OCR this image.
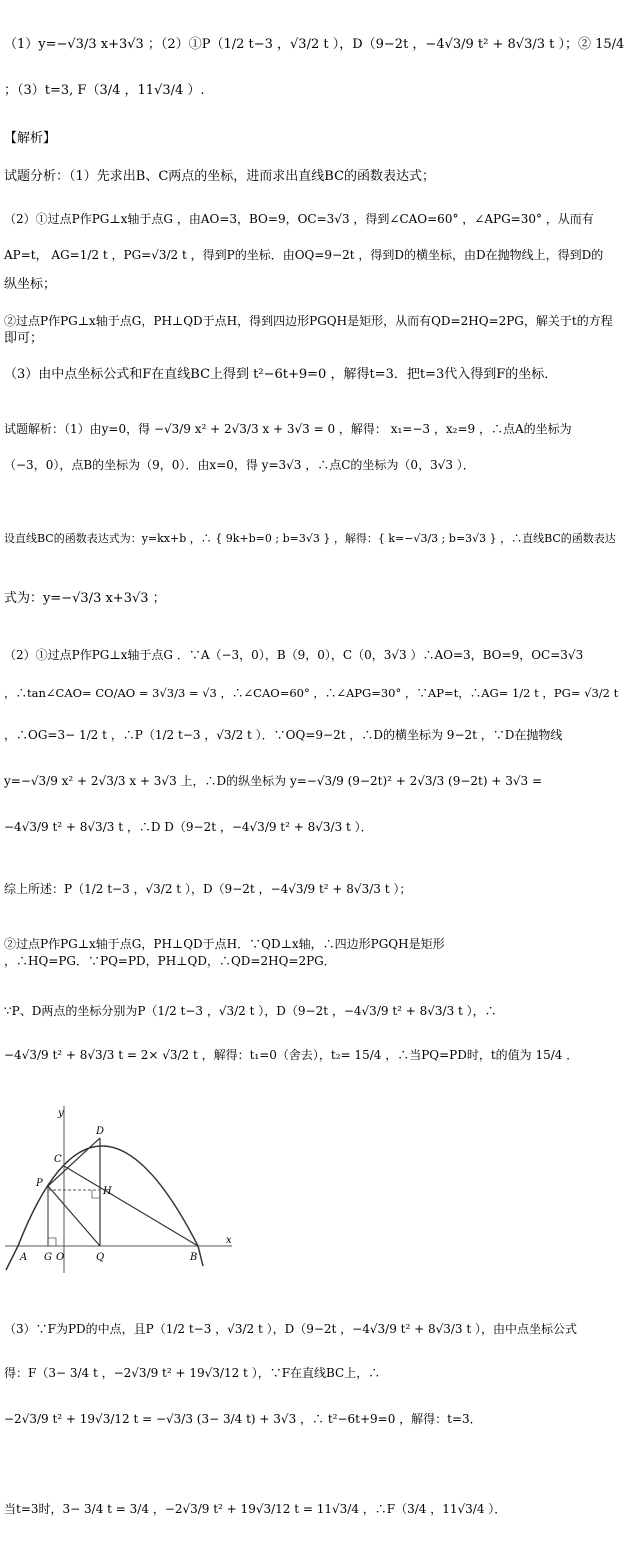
（1）y=−√3/3 x+3√3 ；（2）①P（1/2 t−3 ，√3/2 t ），D（9−2t ，−4√3/9 t² + 8√3/3 t ）；② 15/4
；（3）t=3, F（3/4 ，11√3/4 ）.
【解析】
试题分析：（1）先求出B、C两点的坐标，进而求出直线BC的函数表达式；
（2）①过点P作PG⊥x轴于点G ，由AO=3，BO=9，OC=3√3 ，得到∠CAO=60° ，∠APG=30° ，从而有
AP=t， AG=1/2 t ，PG=√3/2 t ，得到P的坐标．由OQ=9−2t ，得到D的横坐标，由D在抛物线上，得到D的
纵坐标；
②过点P作PG⊥x轴于点G，PH⊥QD于点H，得到四边形PGQH是矩形，从而有QD=2HQ=2PG，解关于t的方程
即可；
（3）由中点坐标公式和F在直线BC上得到 t²−6t+9=0 ，解得t=3．把t=3代入得到F的坐标．
试题解析：（1）由y=0，得 −√3/9 x² + 2√3/3 x + 3√3 = 0 ，解得： x₁=−3 ，x₂=9 ，∴点A的坐标为
（−3，0），点B的坐标为（9，0）．由x=0，得 y=3√3 ，∴点C的坐标为（0，3√3 ）．
设直线BC的函数表达式为：y=kx+b ，∴ { 9k+b=0 ; b=3√3 } ，解得：{ k=−√3/3 ; b=3√3 } ，∴直线BC的函数表达
式为：y=−√3/3 x+3√3 ；
（2）①过点P作PG⊥x轴于点G ．∵A（−3，0），B（9，0），C（0，3√3 ）∴AO=3，BO=9，OC=3√3
，∴tan∠CAO= CO/AO = 3√3/3 = √3 ，∴∠CAO=60° ，∴∠APG=30° ，∵AP=t，∴AG= 1/2 t ，PG= √3/2 t
，∴OG=3− 1/2 t ，∴P（1/2 t−3 ，√3/2 t ）．∵OQ=9−2t ，∴D的横坐标为 9−2t ，∵D在抛物线
y=−√3/9 x² + 2√3/3 x + 3√3 上，∴D的纵坐标为 y=−√3/9 (9−2t)² + 2√3/3 (9−2t) + 3√3 =
−4√3/9 t² + 8√3/3 t ，∴D D（9−2t ，−4√3/9 t² + 8√3/3 t ）．
综上所述：P（1/2 t−3 ，√3/2 t ），D（9−2t ，−4√3/9 t² + 8√3/3 t ）；
②过点P作PG⊥x轴于点G，PH⊥QD于点H．∵QD⊥x轴，∴四边形PGQH是矩形
，∴HQ=PG．∵PQ=PD，PH⊥QD，∴QD=2HQ=2PG．
∵P、D两点的坐标分别为P（1/2 t−3 ，√3/2 t ），D（9−2t ，−4√3/9 t² + 8√3/3 t ），∴
−4√3/9 t² + 8√3/3 t = 2× √3/2 t ，解得：t₁=0（舍去），t₂= 15/4 ，∴当PQ=PD时，t的值为 15/4 ．
y
x
D
C
P
H
A G O	Q	B
（3）∵F为PD的中点，且P（1/2 t−3 ，√3/2 t ），D（9−2t ，−4√3/9 t² + 8√3/3 t ），由中点坐标公式
得：F（3− 3/4 t ，−2√3/9 t² + 19√3/12 t ），∵F在直线BC上，∴
−2√3/9 t² + 19√3/12 t = −√3/3 (3− 3/4 t) + 3√3 ，∴ t²−6t+9=0 ，解得：t=3．
当t=3时，3− 3/4 t = 3/4 ，−2√3/9 t² + 19√3/12 t = 11√3/4 ，∴F（3/4 ，11√3/4 ）．
